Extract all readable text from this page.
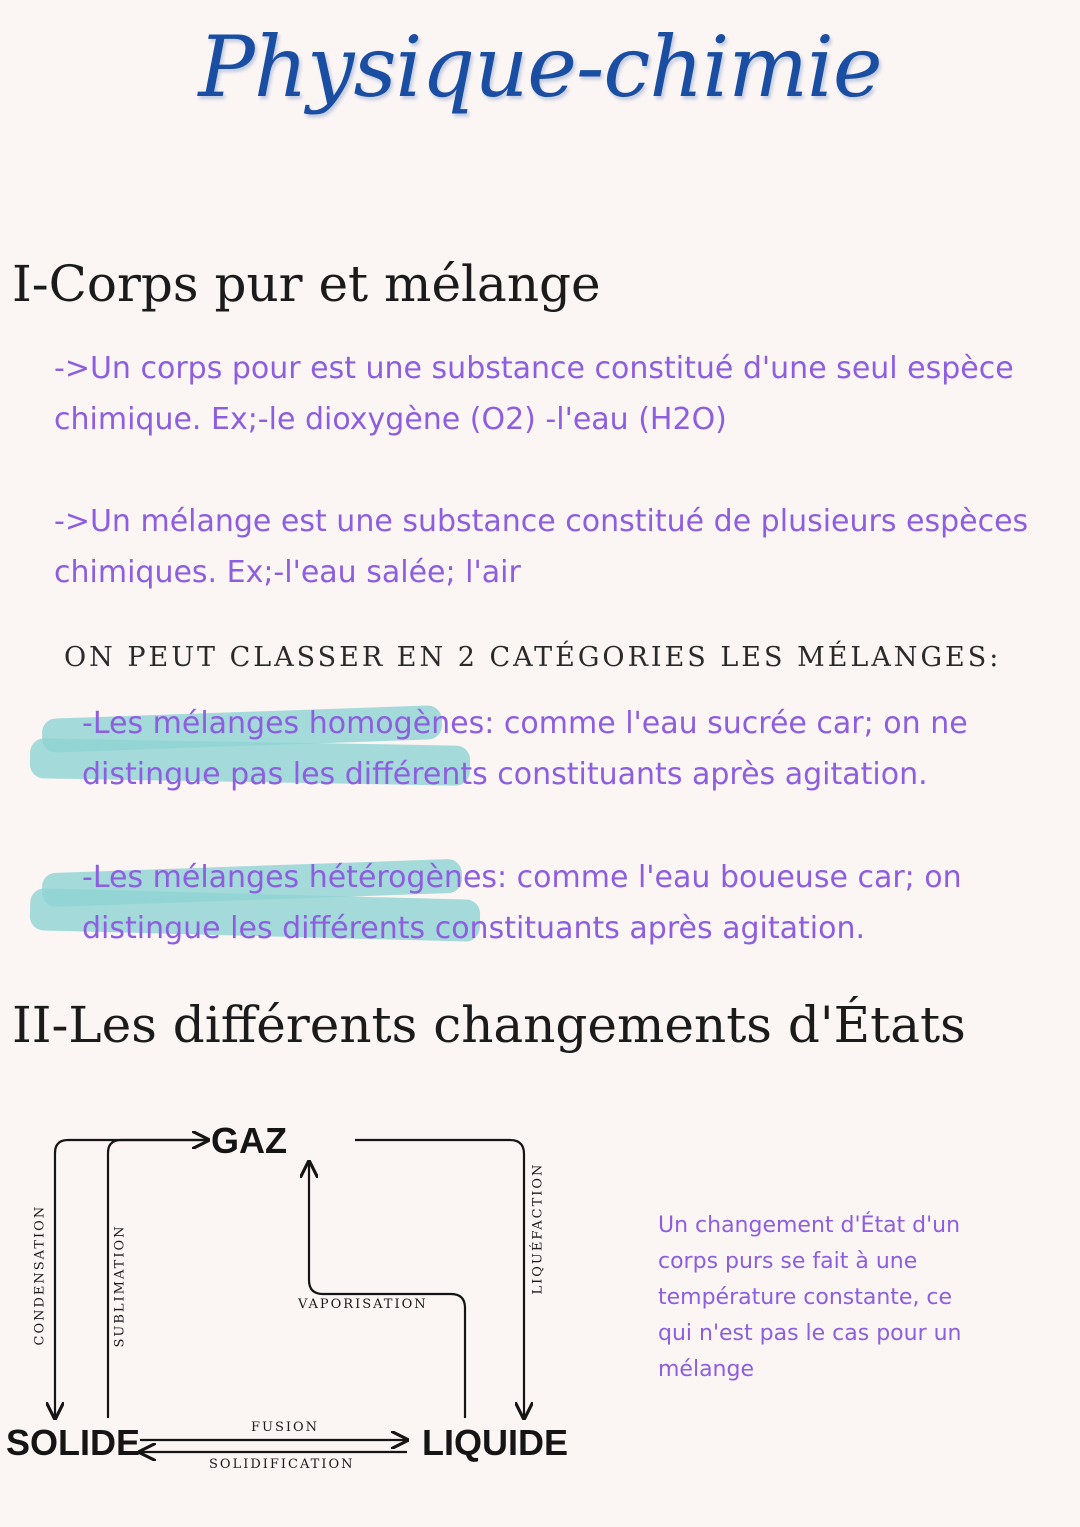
Physique-chimie
I-Corps pur et mélange
->Un corps pour est une substance constitué d'une seul espèce chimique. Ex;-le dioxygène (O2) -l'eau (H2O)
->Un mélange est une substance constitué de plusieurs espèces chimiques. Ex;-l'eau salée; l'air
ON PEUT CLASSER EN 2 CATÉGORIES LES MÉLANGES:
-Les mélanges homogènes: comme l'eau sucrée car; on ne distingue pas les différents constituants après agitation.
-Les mélanges hétérogènes: comme l'eau boueuse car; on distingue les différents constituants après agitation.
II-Les différents changements d'États
GAZ
SOLIDE	LIQUIDE
CONDENSATION	SUBLIMATION	LIQUÉFACTION
VAPORISATION
FUSION
SOLIDIFICATION
Un changement d'État d'un corps purs se fait à une température constante, ce qui n'est pas le cas pour un mélange
